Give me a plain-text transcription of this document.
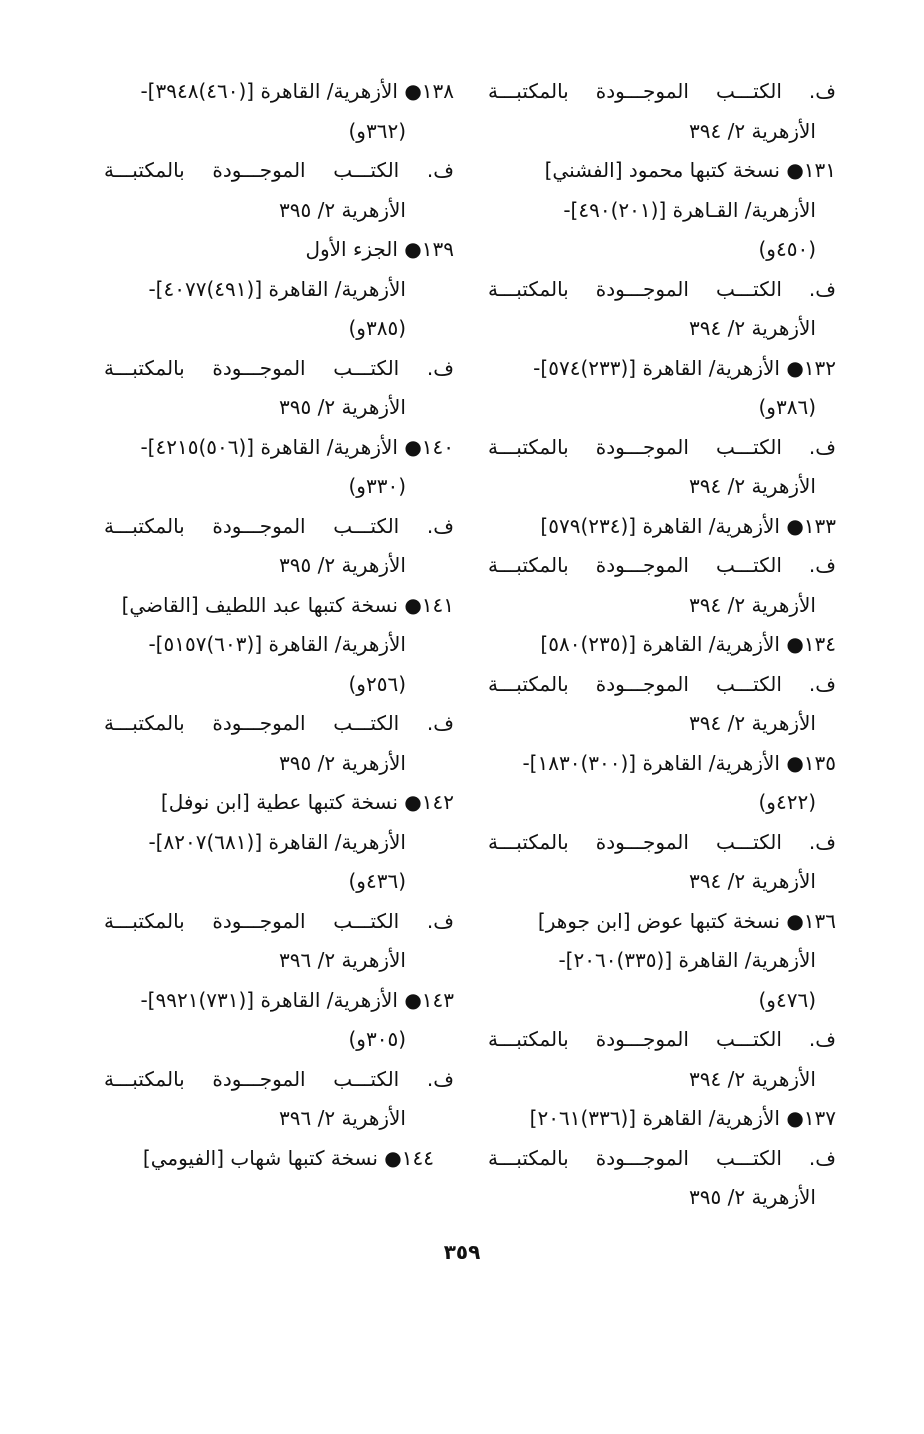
ف. الكتـــب الموجـــودة بالمكتبـــة
الأزهرية ٢/ ٣٩٤
١٣١● نسخة كتبها محمود [الفشني]
الأزهرية/ القـاهرة [(٢٠١)٤٩٠]-
(٤٥٠و)
ف. الكتـــب الموجـــودة بالمكتبـــة
الأزهرية ٢/ ٣٩٤
١٣٢● الأزهرية/ القاهرة [(٢٣٣)٥٧٤]-
(٣٨٦و)
ف. الكتـــب الموجـــودة بالمكتبـــة
الأزهرية ٢/ ٣٩٤
١٣٣● الأزهرية/ القاهرة [(٢٣٤)٥٧٩]
ف. الكتـــب الموجـــودة بالمكتبـــة
الأزهرية ٢/ ٣٩٤
١٣٤● الأزهرية/ القاهرة [(٢٣٥)٥٨٠]
ف. الكتـــب الموجـــودة بالمكتبـــة
الأزهرية ٢/ ٣٩٤
١٣٥● الأزهرية/ القاهرة [(٣٠٠)١٨٣٠]-
(٤٢٢و)
ف. الكتـــب الموجـــودة بالمكتبـــة
الأزهرية ٢/ ٣٩٤
١٣٦● نسخة كتبها عوض [ابن جوهر]
الأزهرية/ القاهرة [(٣٣٥)٢٠٦٠]-
(٤٧٦و)
ف. الكتـــب الموجـــودة بالمكتبـــة
الأزهرية ٢/ ٣٩٤
١٣٧● الأزهرية/ القاهرة [(٣٣٦)٢٠٦١]
ف. الكتـــب الموجـــودة بالمكتبـــة
الأزهرية ٢/ ٣٩٥
١٣٨● الأزهرية/ القاهرة [(٤٦٠)٣٩٤٨]-
(٣٦٢و)
ف. الكتـــب الموجـــودة بالمكتبـــة
الأزهرية ٢/ ٣٩٥
١٣٩● الجزء الأول
الأزهرية/ القاهرة [(٤٩١)٤٠٧٧]-
(٣٨٥و)
ف. الكتـــب الموجـــودة بالمكتبـــة
الأزهرية ٢/ ٣٩٥
١٤٠● الأزهرية/ القاهرة [(٥٠٦)٤٢١٥]-
(٣٣٠و)
ف. الكتـــب الموجـــودة بالمكتبـــة
الأزهرية ٢/ ٣٩٥
١٤١● نسخة كتبها عبد اللطيف [القاضي]
الأزهرية/ القاهرة [(٦٠٣)٥١٥٧]-
(٢٥٦و)
ف. الكتـــب الموجـــودة بالمكتبـــة
الأزهرية ٢/ ٣٩٥
١٤٢● نسخة كتبها عطية [ابن نوفل]
الأزهرية/ القاهرة [(٦٨١)٨٢٠٧]-
(٤٣٦و)
ف. الكتـــب الموجـــودة بالمكتبـــة
الأزهرية ٢/ ٣٩٦
١٤٣● الأزهرية/ القاهرة [(٧٣١)٩٩٢١]-
(٣٠٥و)
ف. الكتـــب الموجـــودة بالمكتبـــة
الأزهرية ٢/ ٣٩٦
١٤٤● نسخة كتبها شهاب [الفيومي]
٣٥٩
